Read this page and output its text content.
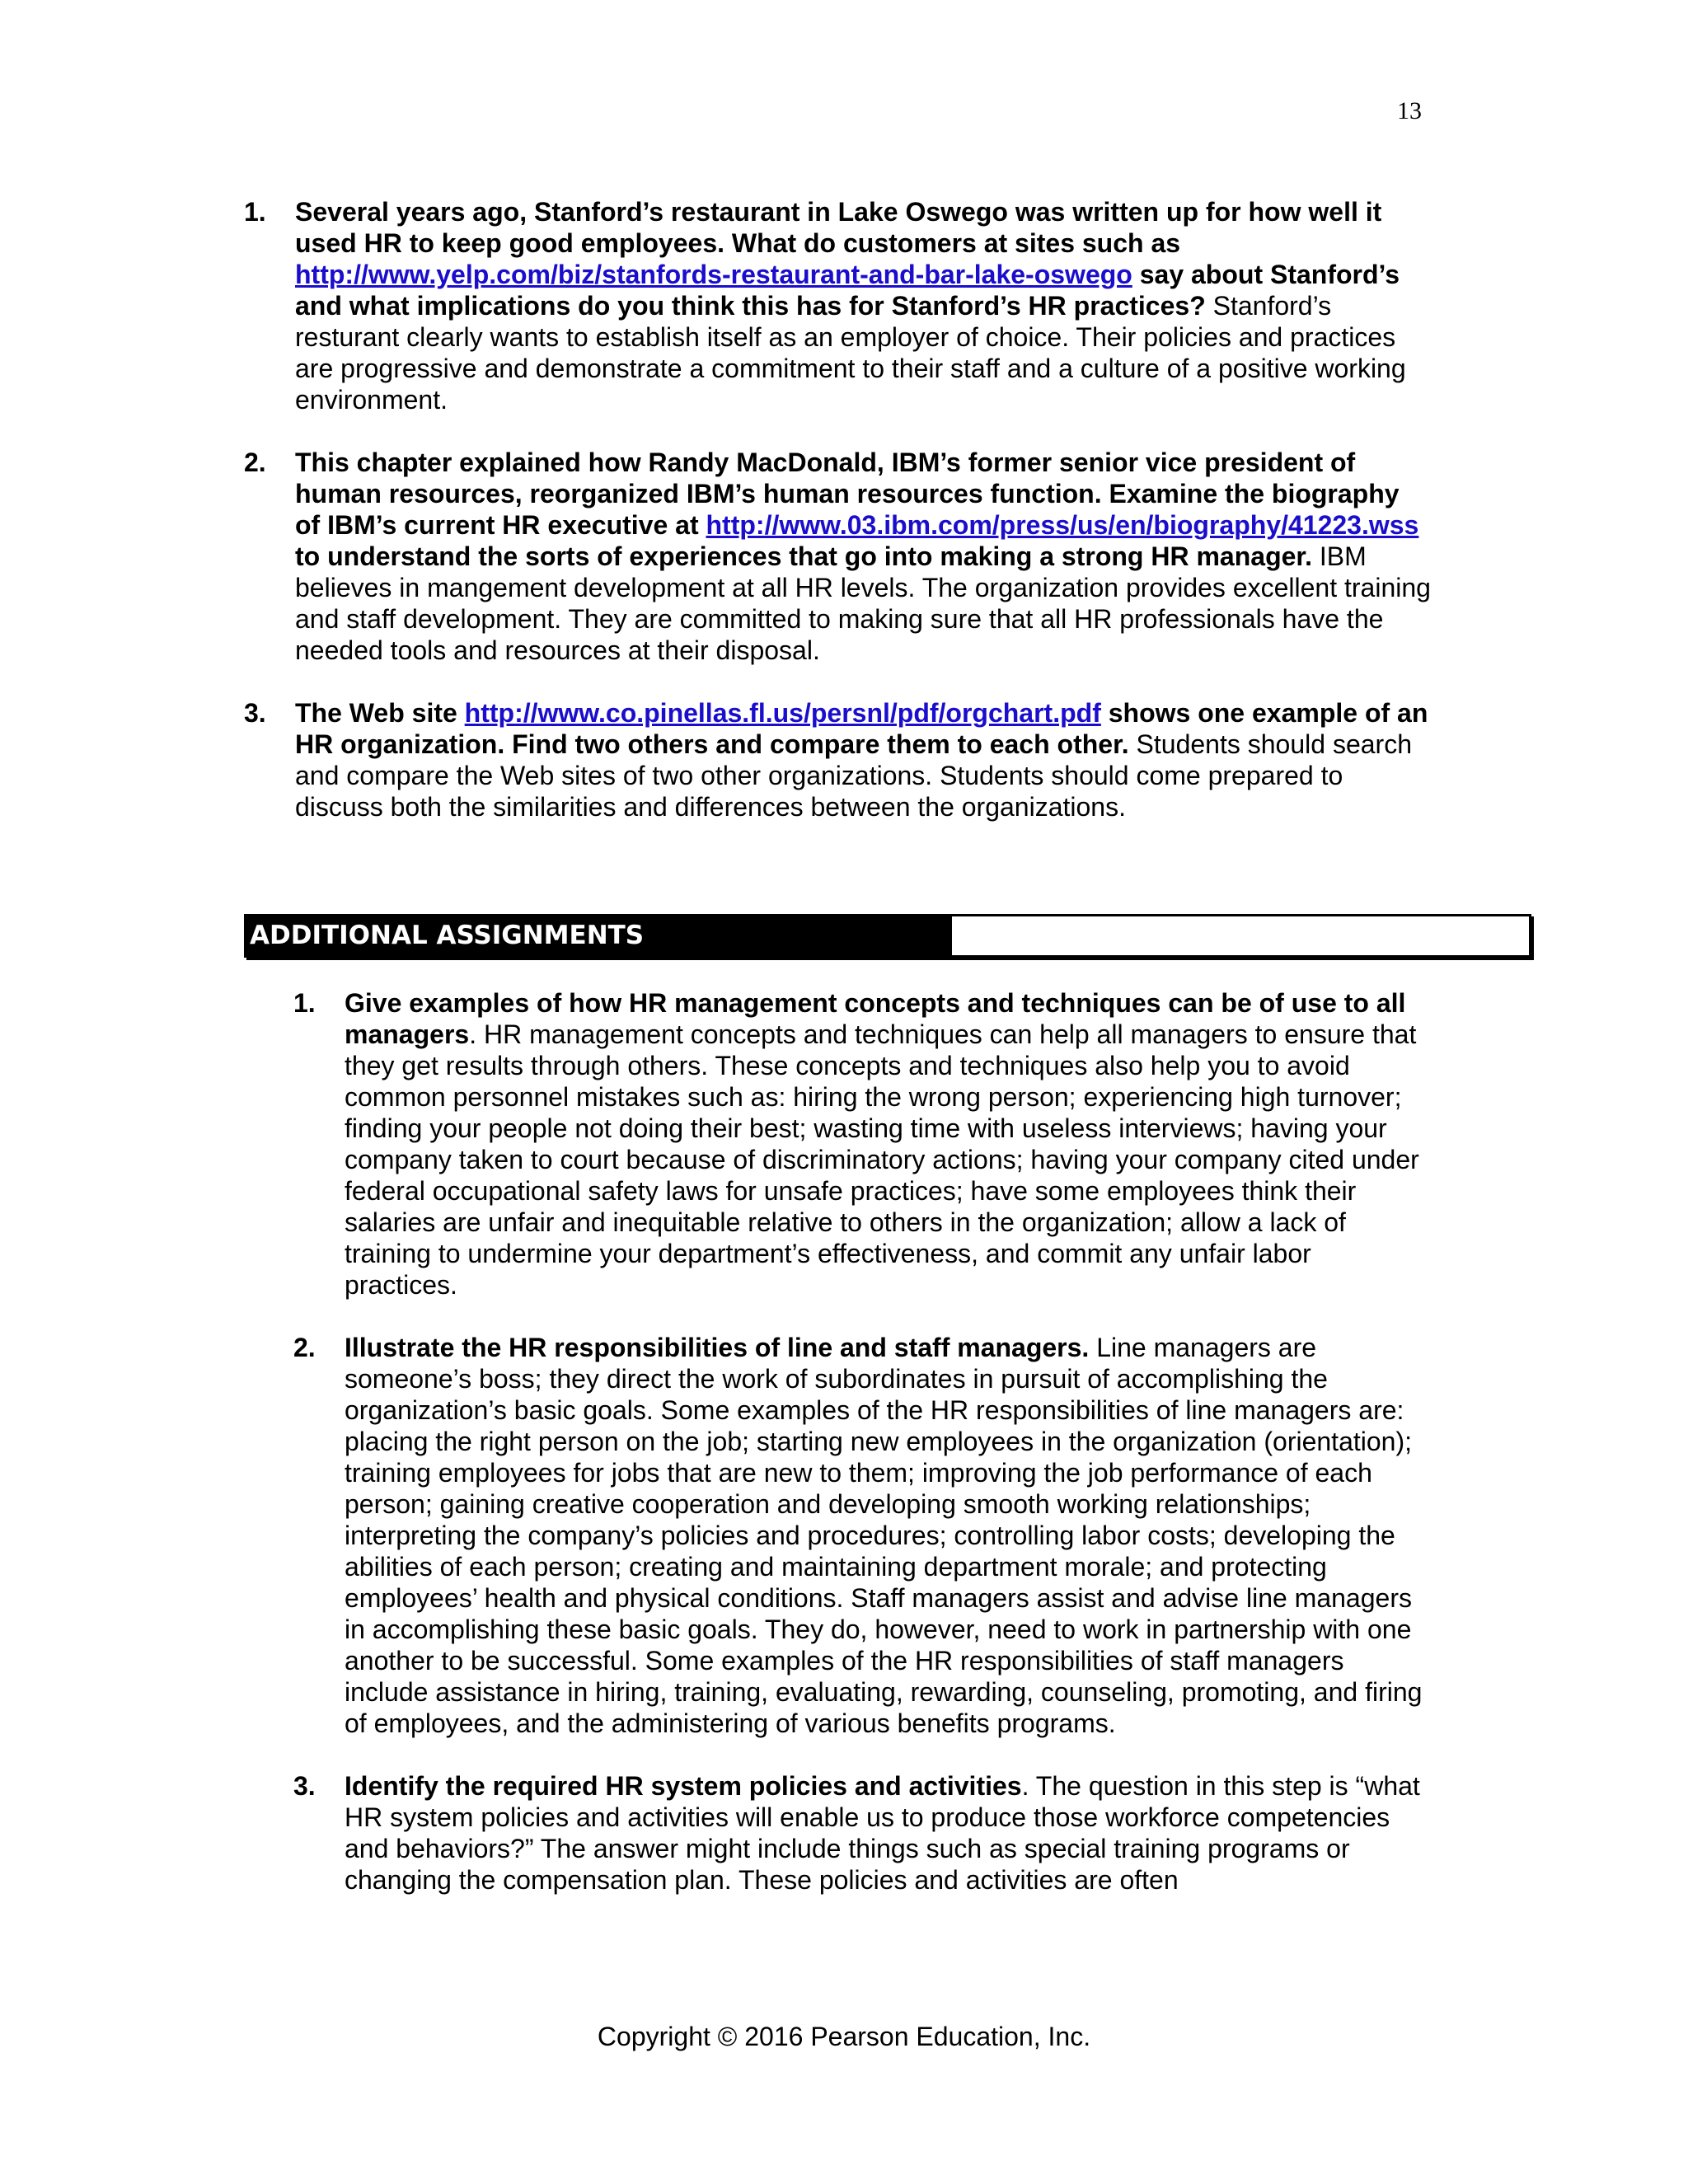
13
1. Several years ago, Stanford’s restaurant in Lake Oswego was written up for how well it used HR to keep good employees. What do customers at sites such as http://www.yelp.com/biz/stanfords-restaurant-and-bar-lake-oswego say about Stanford’s and what implications do you think this has for Stanford’s HR practices? Stanford’s resturant clearly wants to establish itself as an employer of choice. Their policies and practices are progressive and demonstrate a commitment to their staff and a culture of a positive working environment.
2. This chapter explained how Randy MacDonald, IBM’s former senior vice president of human resources, reorganized IBM’s human resources function. Examine the biography of IBM’s current HR executive at http://www.03.ibm.com/press/us/en/biography/41223.wss to understand the sorts of experiences that go into making a strong HR manager. IBM believes in mangement development at all HR levels. The organization provides excellent training and staff development. They are committed to making sure that all HR professionals have the needed tools and resources at their disposal.
3. The Web site http://www.co.pinellas.fl.us/persnl/pdf/orgchart.pdf shows one example of an HR organization. Find two others and compare them to each other. Students should search and compare the Web sites of two other organizations. Students should come prepared to discuss both the similarities and differences between the organizations.
ADDITIONAL ASSIGNMENTS
1. Give examples of how HR management concepts and techniques can be of use to all managers. HR management concepts and techniques can help all managers to ensure that they get results through others. These concepts and techniques also help you to avoid common personnel mistakes such as: hiring the wrong person; experiencing high turnover; finding your people not doing their best; wasting time with useless interviews; having your company taken to court because of discriminatory actions; having your company cited under federal occupational safety laws for unsafe practices; have some employees think their salaries are unfair and inequitable relative to others in the organization; allow a lack of training to undermine your department’s effectiveness, and commit any unfair labor practices.
2. Illustrate the HR responsibilities of line and staff managers. Line managers are someone’s boss; they direct the work of subordinates in pursuit of accomplishing the organization’s basic goals. Some examples of the HR responsibilities of line managers are: placing the right person on the job; starting new employees in the organization (orientation); training employees for jobs that are new to them; improving the job performance of each person; gaining creative cooperation and developing smooth working relationships; interpreting the company’s policies and procedures; controlling labor costs; developing the abilities of each person; creating and maintaining department morale; and protecting employees’ health and physical conditions. Staff managers assist and advise line managers in accomplishing these basic goals. They do, however, need to work in partnership with one another to be successful. Some examples of the HR responsibilities of staff managers include assistance in hiring, training, evaluating, rewarding, counseling, promoting, and firing of employees, and the administering of various benefits programs.
3. Identify the required HR system policies and activities. The question in this step is “what HR system policies and activities will enable us to produce those workforce competencies and behaviors?” The answer might include things such as special training programs or changing the compensation plan. These policies and activities are often
Copyright © 2016 Pearson Education, Inc.
